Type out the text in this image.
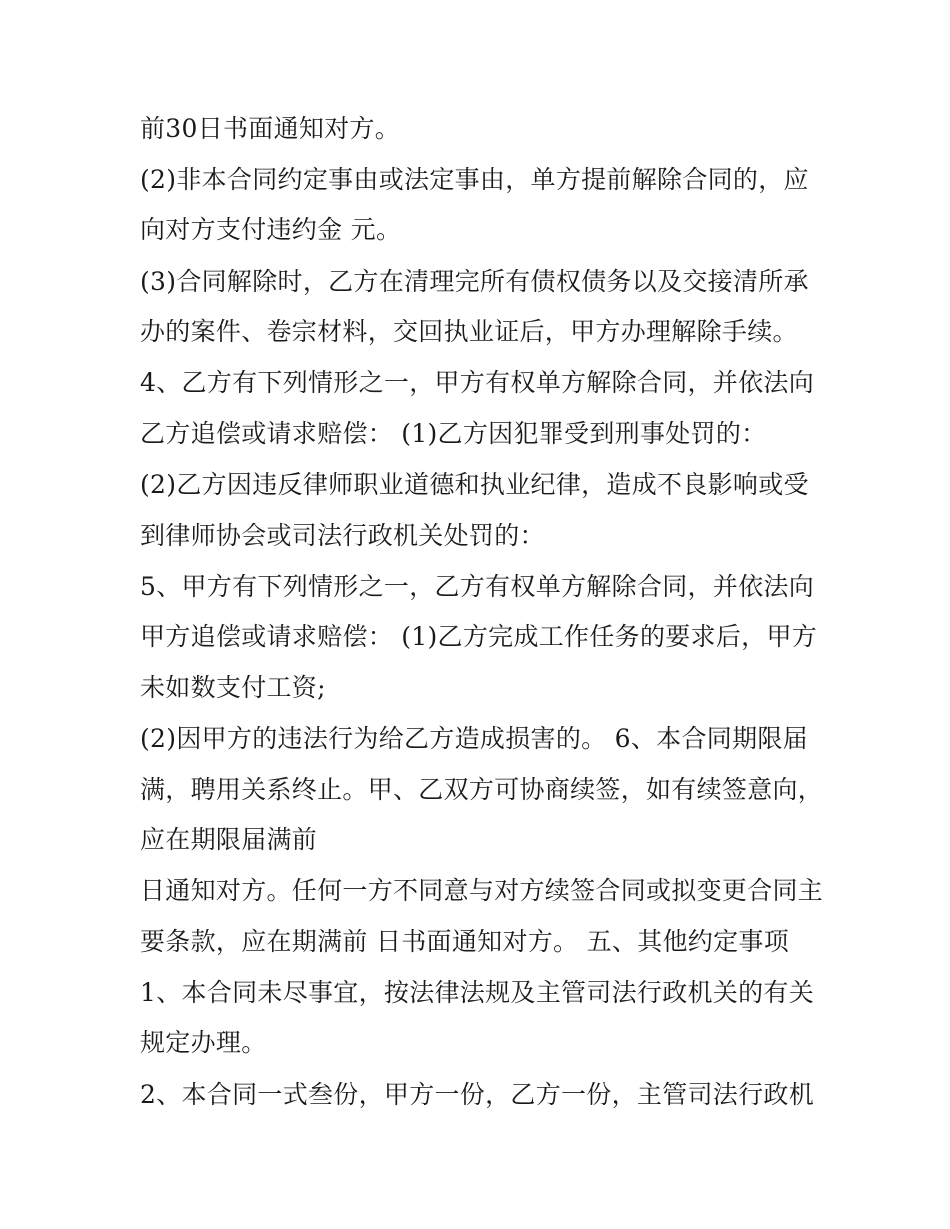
前30日书面通知对方。
(2)非本合同约定事由或法定事由，单方提前解除合同的，应
向对方支付违约金 元。
(3)合同解除时，乙方在清理完所有债权债务以及交接清所承
办的案件、卷宗材料，交回执业证后，甲方办理解除手续。
4、乙方有下列情形之一，甲方有权单方解除合同，并依法向
乙方追偿或请求赔偿： (1)乙方因犯罪受到刑事处罚的：
(2)乙方因违反律师职业道德和执业纪律，造成不良影响或受
到律师协会或司法行政机关处罚的：
5、甲方有下列情形之一，乙方有权单方解除合同，并依法向
甲方追偿或请求赔偿： (1)乙方完成工作任务的要求后，甲方
未如数支付工资;
(2)因甲方的违法行为给乙方造成损害的。 6、本合同期限届
满，聘用关系终止。甲、乙双方可协商续签，如有续签意向，
应在期限届满前
日通知对方。任何一方不同意与对方续签合同或拟变更合同主
要条款，应在期满前 日书面通知对方。 五、其他约定事项
1、本合同未尽事宜，按法律法规及主管司法行政机关的有关
规定办理。
2、本合同一式叁份，甲方一份，乙方一份，主管司法行政机
